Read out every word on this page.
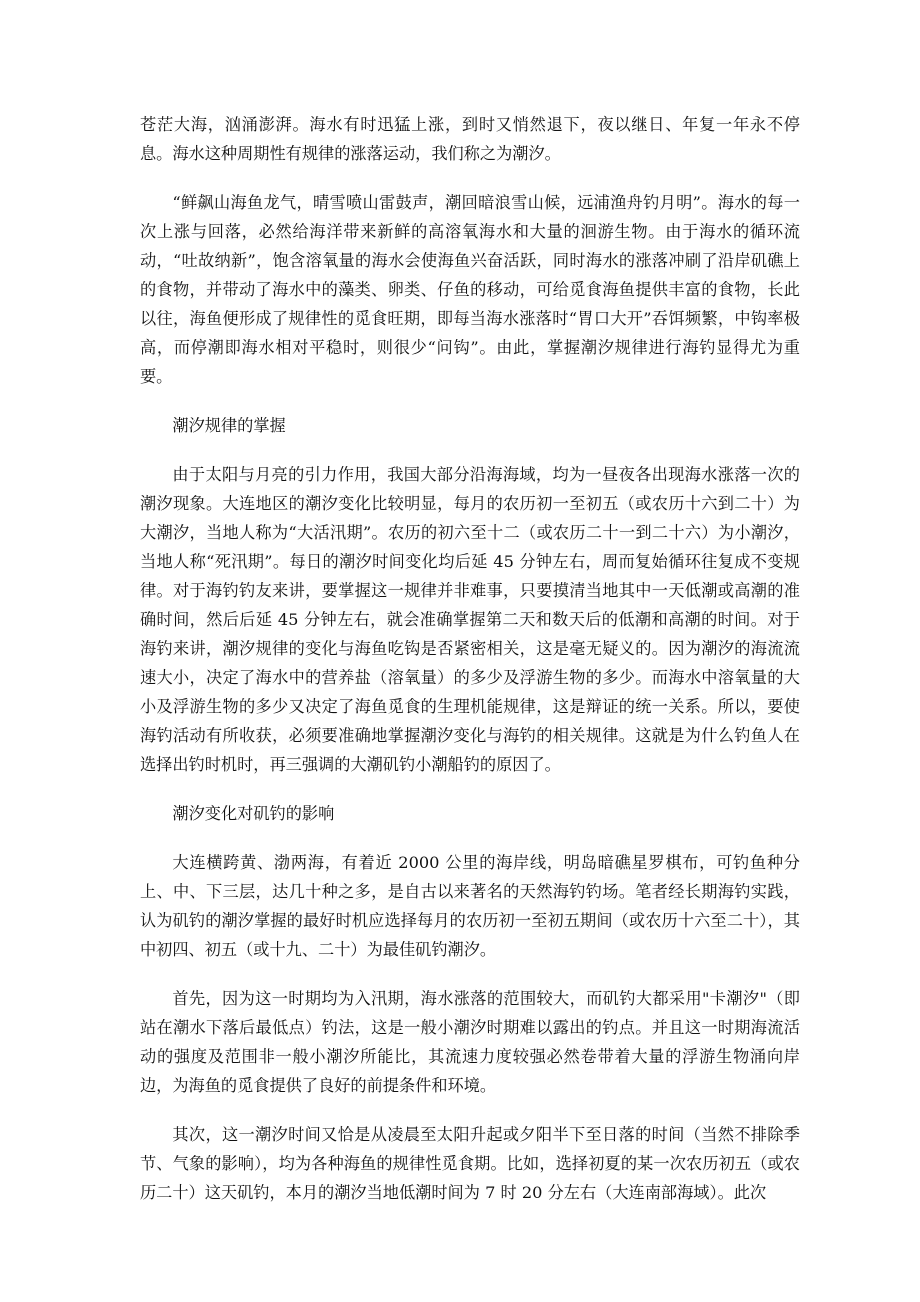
苍茫大海，汹涌澎湃。海水有时迅猛上涨，到时又悄然退下，夜以继日、年复一年永不停息。海水这种周期性有规律的涨落运动，我们称之为潮汐。

“鲜飙山海鱼龙气，晴雪喷山雷鼓声，潮回暗浪雪山候，远浦渔舟钓月明”。海水的每一次上涨与回落，必然给海洋带来新鲜的高溶氧海水和大量的洄游生物。由于海水的循环流动，“吐故纳新”，饱含溶氧量的海水会使海鱼兴奋活跃，同时海水的涨落冲刷了沿岸矶礁上的食物，并带动了海水中的藻类、卵类、仔鱼的移动，可给觅食海鱼提供丰富的食物，长此以往，海鱼便形成了规律性的觅食旺期，即每当海水涨落时“胃口大开”吞饵频繁，中钩率极高，而停潮即海水相对平稳时，则很少“问钩”。由此，掌握潮汐规律进行海钓显得尤为重要。

潮汐规律的掌握

由于太阳与月亮的引力作用，我国大部分沿海海域，均为一昼夜各出现海水涨落一次的潮汐现象。大连地区的潮汐变化比较明显，每月的农历初一至初五（或农历十六到二十）为大潮汐，当地人称为“大活汛期”。农历的初六至十二（或农历二十一到二十六）为小潮汐，当地人称“死汛期”。每日的潮汐时间变化均后延 45 分钟左右，周而复始循环往复成不变规律。对于海钓钓友来讲，要掌握这一规律并非难事，只要摸清当地其中一天低潮或高潮的准确时间，然后后延 45 分钟左右，就会准确掌握第二天和数天后的低潮和高潮的时间。对于海钓来讲，潮汐规律的变化与海鱼吃钩是否紧密相关，这是毫无疑义的。因为潮汐的海流流速大小，决定了海水中的营养盐（溶氧量）的多少及浮游生物的多少。而海水中溶氧量的大小及浮游生物的多少又决定了海鱼觅食的生理机能规律，这是辩证的统一关系。所以，要使海钓活动有所收获，必须要准确地掌握潮汐变化与海钓的相关规律。这就是为什么钓鱼人在选择出钓时机时，再三强调的大潮矶钓小潮船钓的原因了。

潮汐变化对矶钓的影响

大连横跨黄、渤两海，有着近 2000 公里的海岸线，明岛暗礁星罗棋布，可钓鱼种分上、中、下三层，达几十种之多，是自古以来著名的天然海钓钓场。笔者经长期海钓实践，认为矶钓的潮汐掌握的最好时机应选择每月的农历初一至初五期间（或农历十六至二十），其中初四、初五（或十九、二十）为最佳矶钓潮汐。

首先，因为这一时期均为入汛期，海水涨落的范围较大，而矶钓大都采用"卡潮汐"（即站在潮水下落后最低点）钓法，这是一般小潮汐时期难以露出的钓点。并且这一时期海流活动的强度及范围非一般小潮汐所能比，其流速力度较强必然卷带着大量的浮游生物涌向岸边，为海鱼的觅食提供了良好的前提条件和环境。

其次，这一潮汐时间又恰是从凌晨至太阳升起或夕阳半下至日落的时间（当然不排除季节、气象的影响），均为各种海鱼的规律性觅食期。比如，选择初夏的某一次农历初五（或农历二十）这天矶钓，本月的潮汐当地低潮时间为 7 时 20 分左右（大连南部海域）。此次
